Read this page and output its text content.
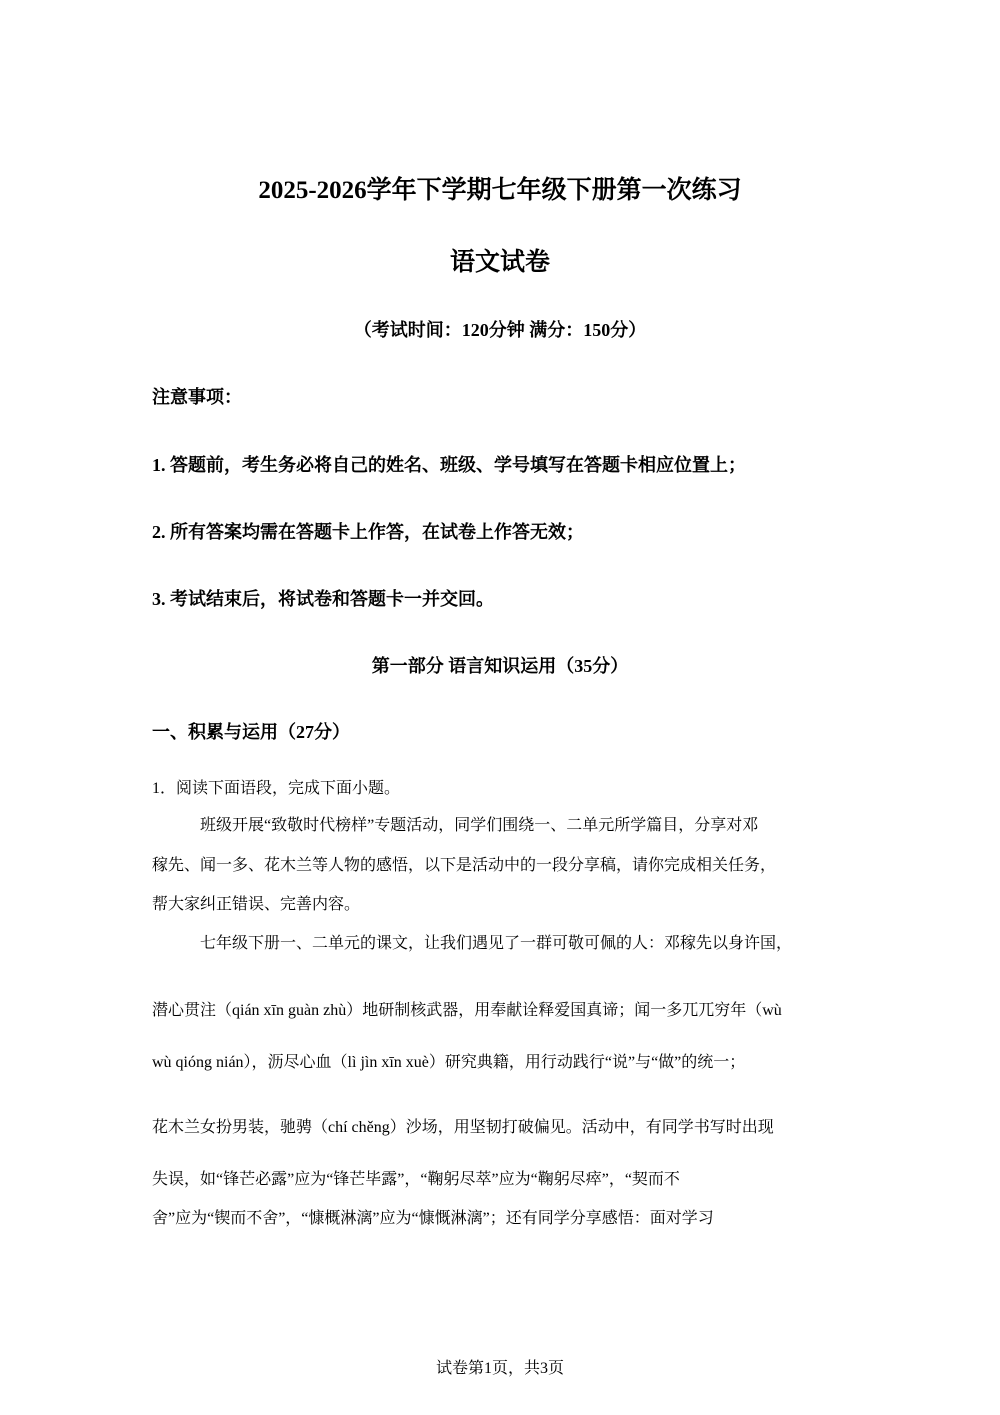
2025-2026学年下学期七年级下册第一次练习
语文试卷
（考试时间：120分钟 满分：150分）
注意事项：
1. 答题前，考生务必将自己的姓名、班级、学号填写在答题卡相应位置上；
2. 所有答案均需在答题卡上作答，在试卷上作答无效；
3. 考试结束后，将试卷和答题卡一并交回。
第一部分 语言知识运用（35分）
一、积累与运用（27分）
1．阅读下面语段，完成下面小题。
班级开展“致敬时代榜样”专题活动，同学们围绕一、二单元所学篇目，分享对邓
稼先、闻一多、花木兰等人物的感悟，以下是活动中的一段分享稿，请你完成相关任务，
帮大家纠正错误、完善内容。
七年级下册一、二单元的课文，让我们遇见了一群可敬可佩的人：邓稼先以身许国，
潜心贯注（qián xīn guàn zhù）地研制核武器，用奉献诠释爱国真谛；闻一多兀兀穷年（wù
wù qióng nián），沥尽心血（lì jìn xīn xuè）研究典籍，用行动践行“说”与“做”的统一；
花木兰女扮男装，驰骋（chí chěng）沙场，用坚韧打破偏见。活动中，有同学书写时出现
失误，如“锋芒必露”应为“锋芒毕露”，“鞠躬尽萃”应为“鞠躬尽瘁”，“契而不
舍”应为“锲而不舍”，“慷概淋漓”应为“慷慨淋漓”；还有同学分享感悟：面对学习
试卷第1页，共3页
